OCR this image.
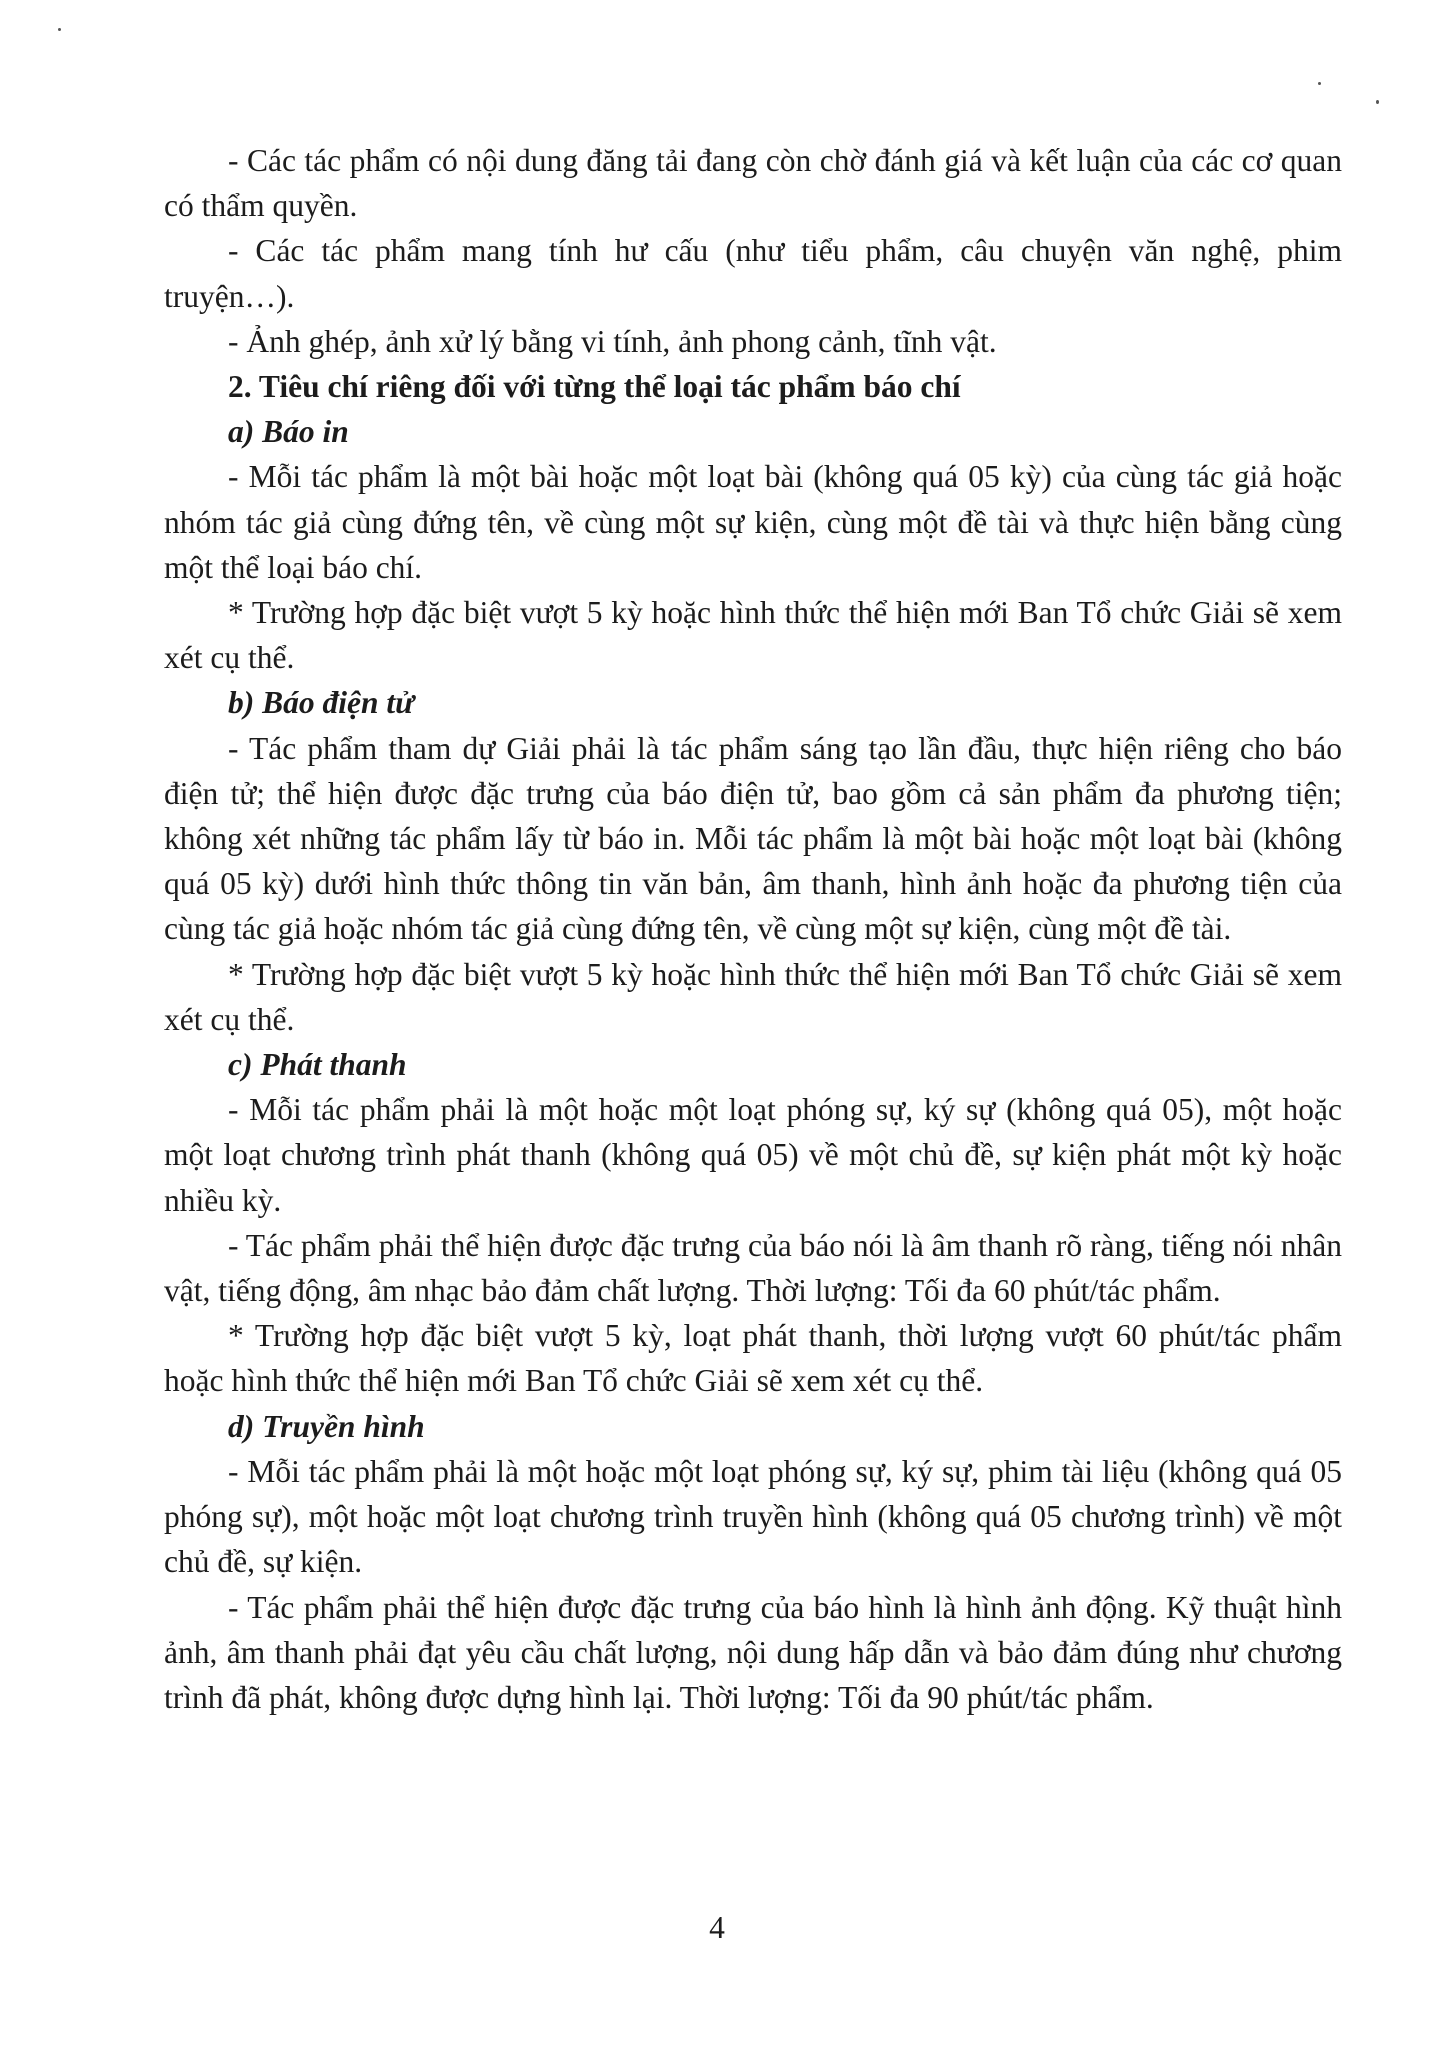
- Các tác phẩm có nội dung đăng tải đang còn chờ đánh giá và kết luận của các cơ quan có thẩm quyền.

- Các tác phẩm mang tính hư cấu (như tiểu phẩm, câu chuyện văn nghệ, phim truyện…).

- Ảnh ghép, ảnh xử lý bằng vi tính, ảnh phong cảnh, tĩnh vật.

2. Tiêu chí riêng đối với từng thể loại tác phẩm báo chí

a) Báo in

- Mỗi tác phẩm là một bài hoặc một loạt bài (không quá 05 kỳ) của cùng tác giả hoặc nhóm tác giả cùng đứng tên, về cùng một sự kiện, cùng một đề tài và thực hiện bằng cùng một thể loại báo chí.

* Trường hợp đặc biệt vượt 5 kỳ hoặc hình thức thể hiện mới Ban Tổ chức Giải sẽ xem xét cụ thể.

b) Báo điện tử

- Tác phẩm tham dự Giải phải là tác phẩm sáng tạo lần đầu, thực hiện riêng cho báo điện tử; thể hiện được đặc trưng của báo điện tử, bao gồm cả sản phẩm đa phương tiện; không xét những tác phẩm lấy từ báo in. Mỗi tác phẩm là một bài hoặc một loạt bài (không quá 05 kỳ) dưới hình thức thông tin văn bản, âm thanh, hình ảnh hoặc đa phương tiện của cùng tác giả hoặc nhóm tác giả cùng đứng tên, về cùng một sự kiện, cùng một đề tài.

* Trường hợp đặc biệt vượt 5 kỳ hoặc hình thức thể hiện mới Ban Tổ chức Giải sẽ xem xét cụ thể.

c) Phát thanh

- Mỗi tác phẩm phải là một hoặc một loạt phóng sự, ký sự (không quá 05), một hoặc một loạt chương trình phát thanh (không quá 05) về một chủ đề, sự kiện phát một kỳ hoặc nhiều kỳ.

- Tác phẩm phải thể hiện được đặc trưng của báo nói là âm thanh rõ ràng, tiếng nói nhân vật, tiếng động, âm nhạc bảo đảm chất lượng. Thời lượng: Tối đa 60 phút/tác phẩm.

* Trường hợp đặc biệt vượt 5 kỳ, loạt phát thanh, thời lượng vượt 60 phút/tác phẩm hoặc hình thức thể hiện mới Ban Tổ chức Giải sẽ xem xét cụ thể.

d) Truyền hình

- Mỗi tác phẩm phải là một hoặc một loạt phóng sự, ký sự, phim tài liệu (không quá 05 phóng sự), một hoặc một loạt chương trình truyền hình (không quá 05 chương trình) về một chủ đề, sự kiện.

- Tác phẩm phải thể hiện được đặc trưng của báo hình là hình ảnh động. Kỹ thuật hình ảnh, âm thanh phải đạt yêu cầu chất lượng, nội dung hấp dẫn và bảo đảm đúng như chương trình đã phát, không được dựng hình lại. Thời lượng: Tối đa 90 phút/tác phẩm.

4
